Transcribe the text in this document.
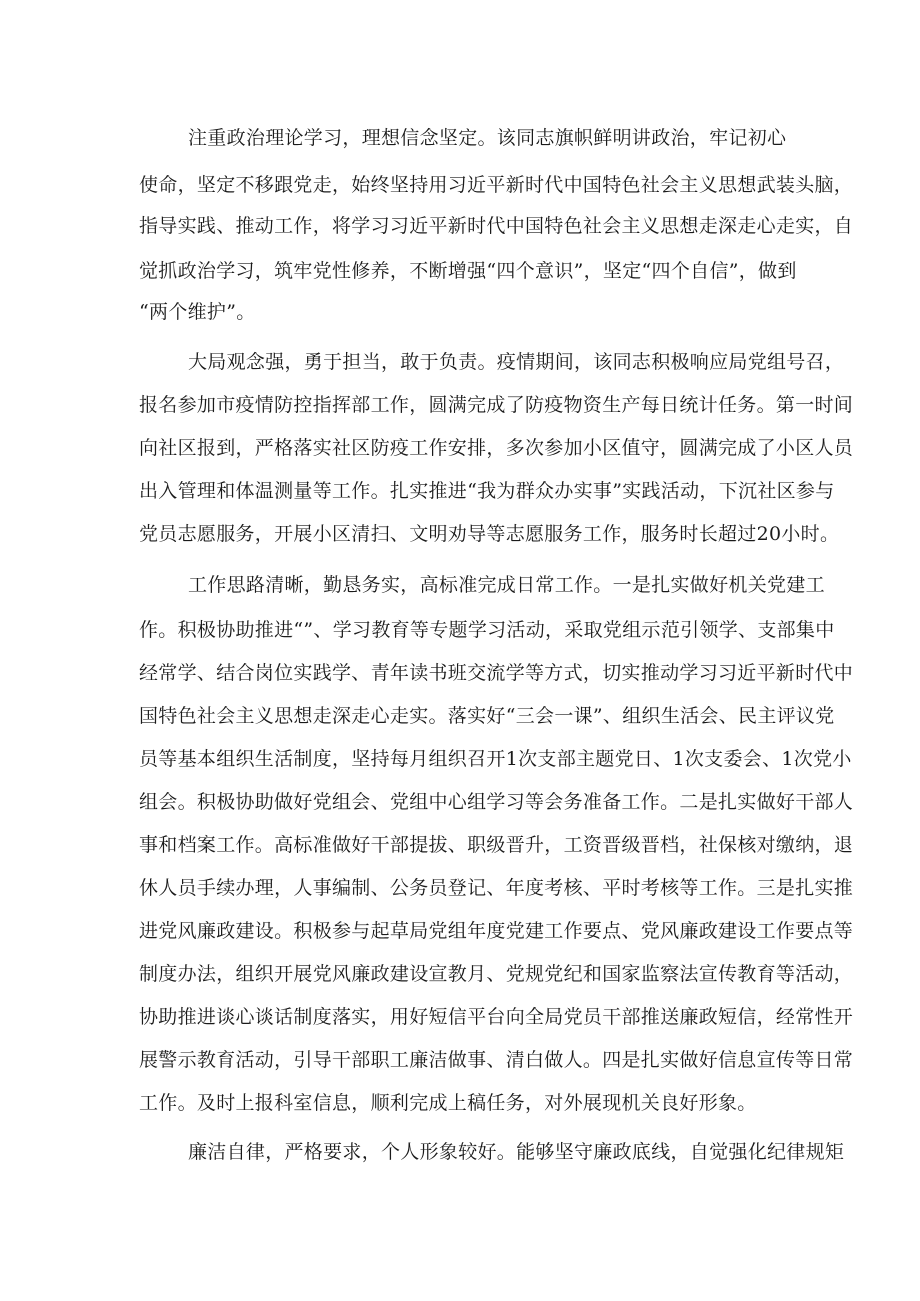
注重政治理论学习，理想信念坚定。该同志旗帜鲜明讲政治，牢记初心
使命，坚定不移跟党走，始终坚持用习近平新时代中国特色社会主义思想武装头脑，
指导实践、推动工作，将学习习近平新时代中国特色社会主义思想走深走心走实，自
觉抓政治学习，筑牢党性修养，不断增强“四个意识”，坚定“四个自信”，做到
“两个维护”。
大局观念强，勇于担当，敢于负责。疫情期间，该同志积极响应局党组号召，
报名参加市疫情防控指挥部工作，圆满完成了防疫物资生产每日统计任务。第一时间
向社区报到，严格落实社区防疫工作安排，多次参加小区值守，圆满完成了小区人员
出入管理和体温测量等工作。扎实推进“我为群众办实事”实践活动，下沉社区参与
党员志愿服务，开展小区清扫、文明劝导等志愿服务工作，服务时长超过20小时。
工作思路清晰，勤恳务实，高标准完成日常工作。一是扎实做好机关党建工
作。积极协助推进“”、学习教育等专题学习活动，采取党组示范引领学、支部集中
经常学、结合岗位实践学、青年读书班交流学等方式，切实推动学习习近平新时代中
国特色社会主义思想走深走心走实。落实好“三会一课”、组织生活会、民主评议党
员等基本组织生活制度，坚持每月组织召开1次支部主题党日、1次支委会、1次党小
组会。积极协助做好党组会、党组中心组学习等会务准备工作。二是扎实做好干部人
事和档案工作。高标准做好干部提拔、职级晋升，工资晋级晋档，社保核对缴纳，退
休人员手续办理，人事编制、公务员登记、年度考核、平时考核等工作。三是扎实推
进党风廉政建设。积极参与起草局党组年度党建工作要点、党风廉政建设工作要点等
制度办法，组织开展党风廉政建设宣教月、党规党纪和国家监察法宣传教育等活动，
协助推进谈心谈话制度落实，用好短信平台向全局党员干部推送廉政短信，经常性开
展警示教育活动，引导干部职工廉洁做事、清白做人。四是扎实做好信息宣传等日常
工作。及时上报科室信息，顺利完成上稿任务，对外展现机关良好形象。
廉洁自律，严格要求，个人形象较好。能够坚守廉政底线，自觉强化纪律规矩
